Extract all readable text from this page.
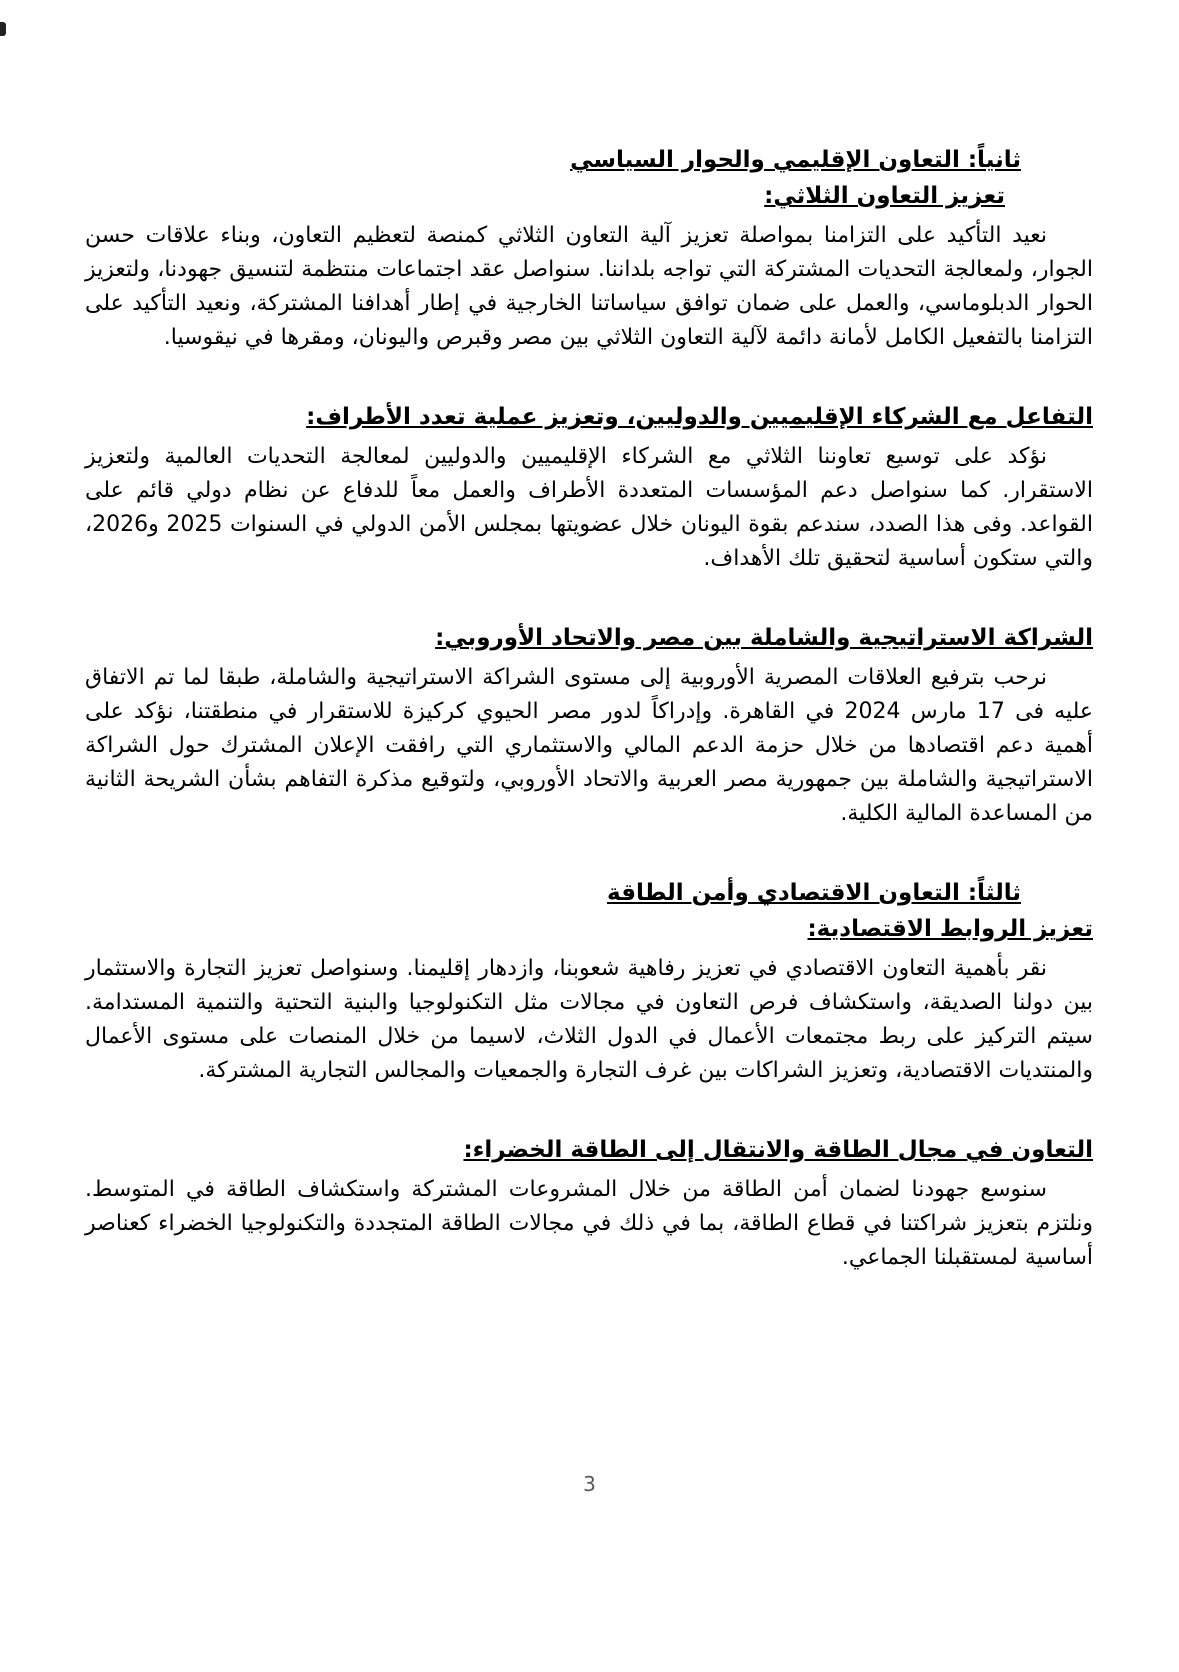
ثانياً: التعاون الإقليمي والحوار السياسي
تعزيز التعاون الثلاثي:

نعيد التأكيد على التزامنا بمواصلة تعزيز آلية التعاون الثلاثي كمنصة لتعظيم التعاون، وبناء علاقات حسن الجوار، ولمعالجة التحديات المشتركة التي تواجه بلداننا. سنواصل عقد اجتماعات منتظمة لتنسيق جهودنا، ولتعزيز الحوار الدبلوماسي، والعمل على ضمان توافق سياساتنا الخارجية في إطار أهدافنا المشتركة، ونعيد التأكيد على التزامنا بالتفعيل الكامل لأمانة دائمة لآلية التعاون الثلاثي بين مصر وقبرص واليونان، ومقرها في نيقوسيا.

التفاعل مع الشركاء الإقليميين والدوليين، وتعزيز عملية تعدد الأطراف:

نؤكد على توسيع تعاوننا الثلاثي مع الشركاء الإقليميين والدوليين لمعالجة التحديات العالمية ولتعزيز الاستقرار. كما سنواصل دعم المؤسسات المتعددة الأطراف والعمل معاً للدفاع عن نظام دولي قائم على القواعد. وفى هذا الصدد، سندعم بقوة اليونان خلال عضويتها بمجلس الأمن الدولي في السنوات 2025 و2026، والتي ستكون أساسية لتحقيق تلك الأهداف.

الشراكة الاستراتيجية والشاملة بين مصر والاتحاد الأوروبي:

نرحب بترفيع العلاقات المصرية الأوروبية إلى مستوى الشراكة الاستراتيجية والشاملة، طبقا لما تم الاتفاق عليه فى 17 مارس 2024 في القاهرة. وإدراكاً لدور مصر الحيوي كركيزة للاستقرار في منطقتنا، نؤكد على أهمية دعم اقتصادها من خلال حزمة الدعم المالي والاستثماري التي رافقت الإعلان المشترك حول الشراكة الاستراتيجية والشاملة بين جمهورية مصر العربية والاتحاد الأوروبي، ولتوقيع مذكرة التفاهم بشأن الشريحة الثانية من المساعدة المالية الكلية.

ثالثاً: التعاون الاقتصادي وأمن الطاقة
تعزيز الروابط الاقتصادية:

نقر بأهمية التعاون الاقتصادي في تعزيز رفاهية شعوبنا، وازدهار إقليمنا. وسنواصل تعزيز التجارة والاستثمار بين دولنا الصديقة، واستكشاف فرص التعاون في مجالات مثل التكنولوجيا والبنية التحتية والتنمية المستدامة. سيتم التركيز على ربط مجتمعات الأعمال في الدول الثلاث، لاسيما من خلال المنصات على مستوى الأعمال والمنتديات الاقتصادية، وتعزيز الشراكات بين غرف التجارة والجمعيات والمجالس التجارية المشتركة.

التعاون في مجال الطاقة والانتقال إلى الطاقة الخضراء:

سنوسع جهودنا لضمان أمن الطاقة من خلال المشروعات المشتركة واستكشاف الطاقة في المتوسط. ونلتزم بتعزيز شراكتنا في قطاع الطاقة، بما في ذلك في مجالات الطاقة المتجددة والتكنولوجيا الخضراء كعناصر أساسية لمستقبلنا الجماعي.

3
